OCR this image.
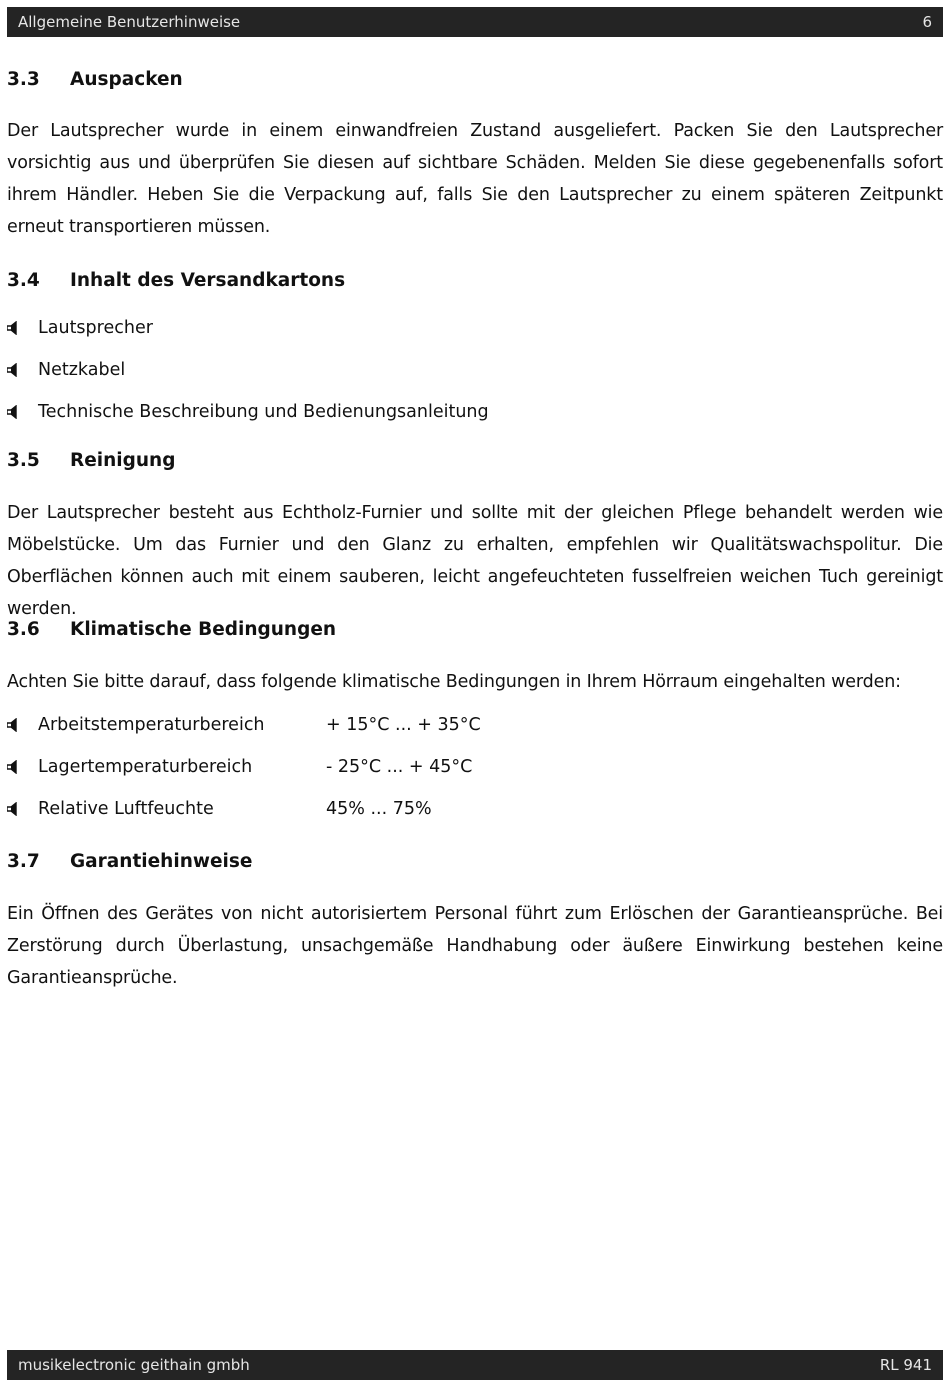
Allgemeine Benutzerhinweise	6
3.3 Auspacken

Der Lautsprecher wurde in einem einwandfreien Zustand ausgeliefert. Packen Sie den Lautsprecher vorsichtig aus und überprüfen Sie diesen auf sichtbare Schäden. Melden Sie diese gegebenenfalls sofort ihrem Händler. Heben Sie die Verpackung auf, falls Sie den Lautsprecher zu einem späteren Zeitpunkt erneut transportieren müssen.

3.4 Inhalt des Versandkartons
Lautsprecher
Netzkabel
Technische Beschreibung und Bedienungsanleitung
3.5 Reinigung

Der Lautsprecher besteht aus Echtholz-Furnier und sollte mit der gleichen Pflege behandelt werden wie Möbelstücke. Um das Furnier und den Glanz zu erhalten, empfehlen wir Qualitätswachspolitur. Die Oberflächen können auch mit einem sauberen, leicht angefeuchteten fusselfreien weichen Tuch gereinigt werden.

3.6 Klimatische Bedingungen

Achten Sie bitte darauf, dass folgende klimatische Bedingungen in Ihrem Hörraum eingehalten werden:

Arbeitstemperaturbereich	+ 15°C ... + 35°C
Lagertemperaturbereich	- 25°C ... + 45°C
Relative Luftfeuchte	45% ... 75%
3.7 Garantiehinweise

Ein Öffnen des Gerätes von nicht autorisiertem Personal führt zum Erlöschen der Garantieansprüche. Bei Zerstörung durch Überlastung, unsachgemäße Handhabung oder äußere Einwirkung bestehen keine Garantieansprüche.

musikelectronic geithain gmbh	RL 941
